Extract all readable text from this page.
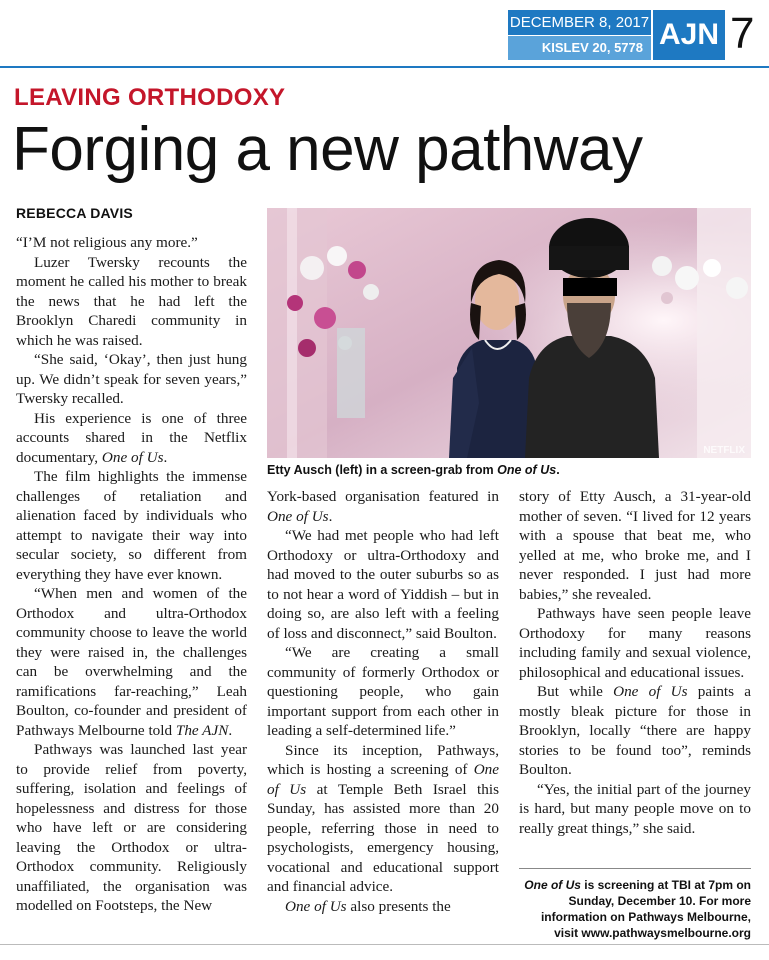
DECEMBER 8, 2017
KISLEV 20, 5778 AJN 7
LEAVING ORTHODOXY
Forging a new pathway
REBECCA DAVIS

“I’M not religious any more.”

Luzer Twersky recounts the moment he called his mother to break the news that he had left the Brooklyn Charedi community in which he was raised.

“She said, ‘Okay’, then just hung up. We didn’t speak for seven years,” Twersky recalled.

His experience is one of three accounts shared in the Netflix documentary, One of Us.

The film highlights the immense challenges of retaliation and alienation faced by individuals who attempt to navigate their way into secular society, so different from everything they have ever known.

“When men and women of the Orthodox and ultra-Orthodox community choose to leave the world they were raised in, the challenges can be overwhelming and the ramifications far-reaching,” Leah Boulton, co-founder and president of Pathways Melbourne told The AJN.

Pathways was launched last year to provide relief from poverty, suffering, isolation and feelings of hopelessness and distress for those who have left or are considering leaving the Orthodox or ultra-Orthodox community. Religiously unaffiliated, the organisation was modelled on Footsteps, the New

NETFLIX
Etty Ausch (left) in a screen-grab from One of Us.

York-based organisation featured in One of Us.

“We had met people who had left Orthodoxy or ultra-Orthodoxy and had moved to the outer suburbs so as to not hear a word of Yiddish – but in doing so, are also left with a feeling of loss and disconnect,” said Boulton.

“We are creating a small community of formerly Orthodox or questioning people, who gain important support from each other in leading a self-determined life.”

Since its inception, Pathways, which is hosting a screening of One of Us at Temple Beth Israel this Sunday, has assisted more than 20 people, referring those in need to psychologists, emergency housing, vocational and educational support and financial advice.

One of Us also presents the

story of Etty Ausch, a 31-year-old mother of seven. “I lived for 12 years with a spouse that beat me, who yelled at me, who broke me, and I never responded. I just had more babies,” she revealed.

Pathways have seen people leave Orthodoxy for many reasons including family and sexual violence, philosophical and educational issues.

But while One of Us paints a mostly bleak picture for those in Brooklyn, locally “there are happy stories to be found too”, reminds Boulton.

“Yes, the initial part of the journey is hard, but many people move on to really great things,” she said.

One of Us is screening at TBI at 7pm on Sunday, December 10. For more information on Pathways Melbourne, visit www.pathwaysmelbourne.org
